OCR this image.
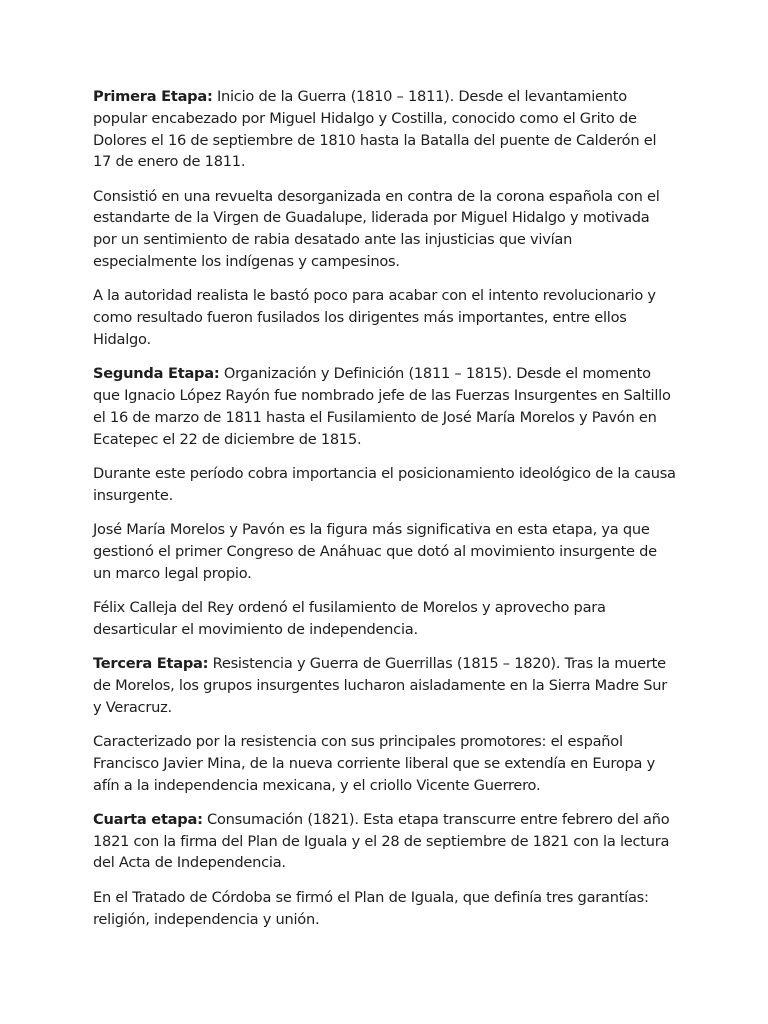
Primera Etapa: Inicio de la Guerra (1810 – 1811). Desde el levantamiento popular encabezado por Miguel Hidalgo y Costilla, conocido como el Grito de Dolores el 16 de septiembre de 1810 hasta la Batalla del puente de Calderón el 17 de enero de 1811.

Consistió en una revuelta desorganizada en contra de la corona española con el estandarte de la Virgen de Guadalupe, liderada por Miguel Hidalgo y motivada por un sentimiento de rabia desatado ante las injusticias que vivían especialmente los indígenas y campesinos.

A la autoridad realista le bastó poco para acabar con el intento revolucionario y como resultado fueron fusilados los dirigentes más importantes, entre ellos Hidalgo.

Segunda Etapa: Organización y Definición (1811 – 1815). Desde el momento que Ignacio López Rayón fue nombrado jefe de las Fuerzas Insurgentes en Saltillo el 16 de marzo de 1811 hasta el Fusilamiento de José María Morelos y Pavón en Ecatepec el 22 de diciembre de 1815.

Durante este período cobra importancia el posicionamiento ideológico de la causa insurgente.

José María Morelos y Pavón es la figura más significativa en esta etapa, ya que gestionó el primer Congreso de Anáhuac que dotó al movimiento insurgente de un marco legal propio.

Félix Calleja del Rey ordenó el fusilamiento de Morelos y aprovecho para desarticular el movimiento de independencia.

Tercera Etapa: Resistencia y Guerra de Guerrillas (1815 – 1820). Tras la muerte de Morelos, los grupos insurgentes lucharon aisladamente en la Sierra Madre Sur y Veracruz.

Caracterizado por la resistencia con sus principales promotores: el español Francisco Javier Mina, de la nueva corriente liberal que se extendía en Europa y afín a la independencia mexicana, y el criollo Vicente Guerrero.

Cuarta etapa: Consumación (1821). Esta etapa transcurre entre febrero del año 1821 con la firma del Plan de Iguala y el 28 de septiembre de 1821 con la lectura del Acta de Independencia.

En el Tratado de Córdoba se firmó el Plan de Iguala, que definía tres garantías: religión, independencia y unión.
